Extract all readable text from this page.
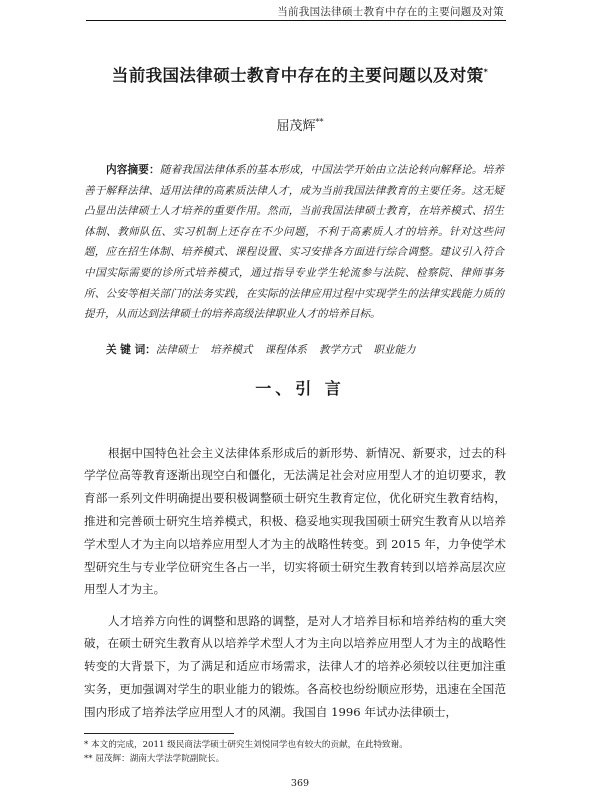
当前我国法律硕士教育中存在的主要问题及对策
当前我国法律硕士教育中存在的主要问题以及对策*
屈茂辉**
内容摘要：随着我国法律体系的基本形成，中国法学开始由立法论转向解释论。培养善于解释法律、适用法律的高素质法律人才，成为当前我国法律教育的主要任务。这无疑凸显出法律硕士人才培养的重要作用。然而，当前我国法律硕士教育，在培养模式、招生体制、教师队伍、实习机制上还存在不少问题，不利于高素质人才的培养。针对这些问题，应在招生体制、培养模式、课程设置、实习安排各方面进行综合调整。建议引入符合中国实际需要的诊所式培养模式，通过指导专业学生轮流参与法院、检察院、律师事务所、公安等相关部门的法务实践，在实际的法律应用过程中实现学生的法律实践能力质的提升，从而达到法律硕士的培养高级法律职业人才的培养目标。
关 键 词：法律硕士 培养模式 课程体系 教学方式 职业能力
一、引 言

根据中国特色社会主义法律体系形成后的新形势、新情况、新要求，过去的科学学位高等教育逐渐出现空白和僵化，无法满足社会对应用型人才的迫切要求，教育部一系列文件明确提出要积极调整硕士研究生教育定位，优化研究生教育结构，推进和完善硕士研究生培养模式，积极、稳妥地实现我国硕士研究生教育从以培养学术型人才为主向以培养应用型人才为主的战略性转变。到 2015 年，力争使学术型研究生与专业学位研究生各占一半，切实将硕士研究生教育转到以培养高层次应用型人才为主。

人才培养方向性的调整和思路的调整，是对人才培养目标和培养结构的重大突破，在硕士研究生教育从以培养学术型人才为主向以培养应用型人才为主的战略性转变的大背景下，为了满足和适应市场需求，法律人才的培养必须较以往更加注重实务，更加强调对学生的职业能力的锻炼。各高校也纷纷顺应形势，迅速在全国范围内形成了培养法学应用型人才的风潮。我国自 1996 年试办法律硕士，

* 本文的完成，2011 级民商法学硕士研究生刘悦同学也有较大的贡献，在此特致谢。
** 屈茂辉：湖南大学法学院副院长。
369
